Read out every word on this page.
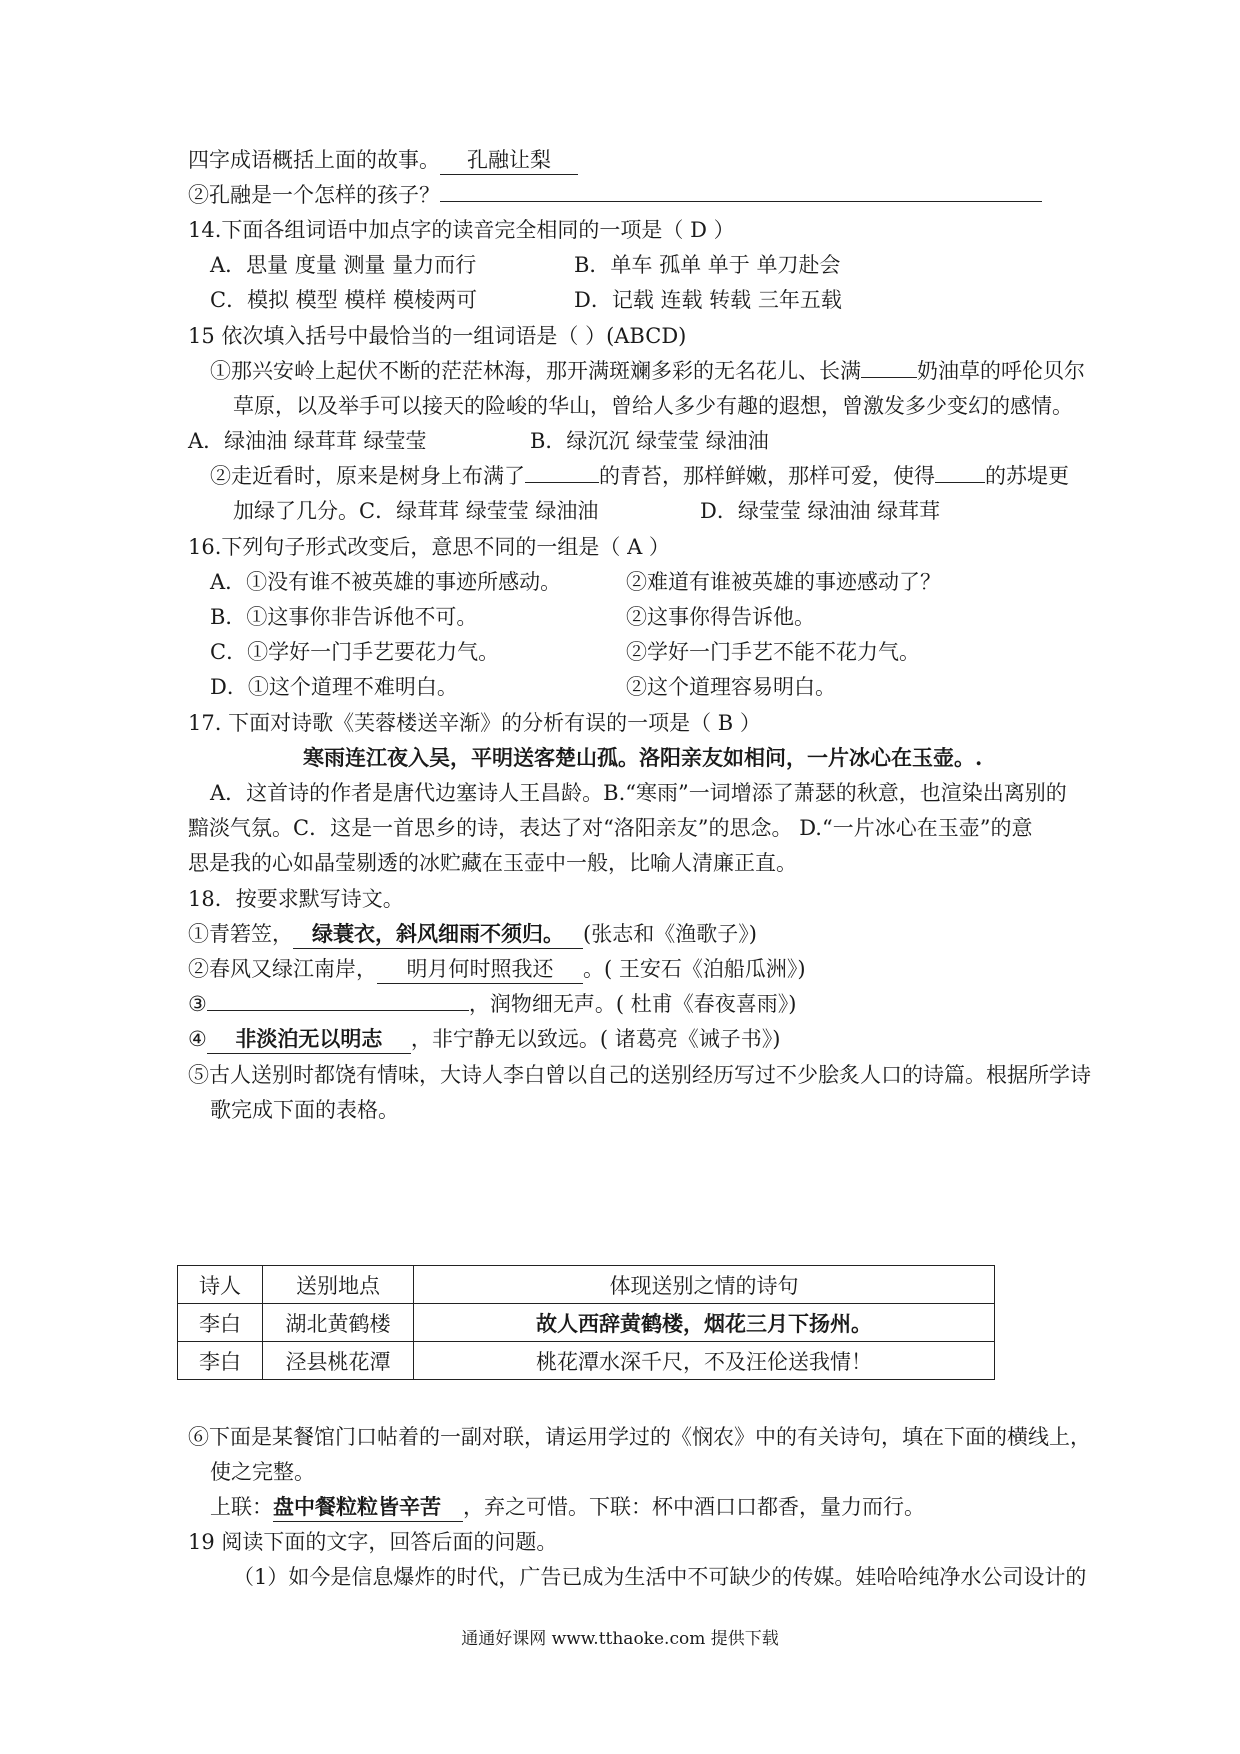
四字成语概括上面的故事。 孔融让梨
②孔融是一个怎样的孩子？
14.下面各组词语中加点字的读音完全相同的一项是（ D ）
A．思量 度量 测量 量力而行	B．单车 孤单 单于 单刀赴会
C．模拟 模型 模样 模棱两可	D．记载 连载 转载 三年五载
15 依次填入括号中最恰当的一组词语是（ ）(ABCD)
①那兴安岭上起伏不断的茫茫林海，那开满斑斓多彩的无名花儿、长满	奶油草的呼伦贝尔
草原，以及举手可以接天的险峻的华山，曾给人多少有趣的遐想，曾激发多少变幻的感情。
A．绿油油 绿茸茸 绿莹莹	B．绿沉沉 绿莹莹 绿油油
②走近看时，原来是树身上布满了	的青苔，那样鲜嫩，那样可爱，使得 的苏堤更
加绿了几分。C．绿茸茸 绿莹莹 绿油油	D．绿莹莹 绿油油 绿茸茸
16.下列句子形式改变后，意思不同的一组是（ A ）
A．①没有谁不被英雄的事迹所感动。	②难道有谁被英雄的事迹感动了？
B．①这事你非告诉他不可。	②这事你得告诉他。
C．①学好一门手艺要花力气。	②学好一门手艺不能不花力气。
D．①这个道理不难明白。	②这个道理容易明白。
17. 下面对诗歌《芙蓉楼送辛渐》的分析有误的一项是（ B ）
寒雨连江夜入吴，平明送客楚山孤。洛阳亲友如相问，一片冰心在玉壶。.
A．这首诗的作者是唐代边塞诗人王昌龄。B.“寒雨”一词增添了萧瑟的秋意，也渲染出离别的
黯淡气氛。C．这是一首思乡的诗，表达了对“洛阳亲友”的思念。 D.“一片冰心在玉壶”的意
思是我的心如晶莹剔透的冰贮藏在玉壶中一般，比喻人清廉正直。
18．按要求默写诗文。
①青箬笠， 绿蓑衣，斜风细雨不须归。 (张志和《渔歌子》)
②春风又绿江南岸， 明月何时照我还 。( 王安石《泊船瓜洲》)
③	，润物细无声。( 杜甫《春夜喜雨》)
④ 非淡泊无以明志 ，非宁静无以致远。( 诸葛亮《诫子书》)
⑤古人送别时都饶有情味，大诗人李白曾以自己的送别经历写过不少脍炙人口的诗篇。根据所学诗
歌完成下面的表格。
诗人	送别地点	体现送别之情的诗句
李白	湖北黄鹤楼	故人西辞黄鹤楼，烟花三月下扬州。
李白	泾县桃花潭	桃花潭水深千尺，不及汪伦送我情！
⑥下面是某餐馆门口帖着的一副对联，请运用学过的《悯农》中的有关诗句，填在下面的横线上，
使之完整。
上联：盘中餐粒粒皆辛苦 ，弃之可惜。下联：杯中酒口口都香，量力而行。
19 阅读下面的文字，回答后面的问题。
（1）如今是信息爆炸的时代，广告已成为生活中不可缺少的传媒。娃哈哈纯净水公司设计的
通通好课网 www.tthaoke.com 提供下载
